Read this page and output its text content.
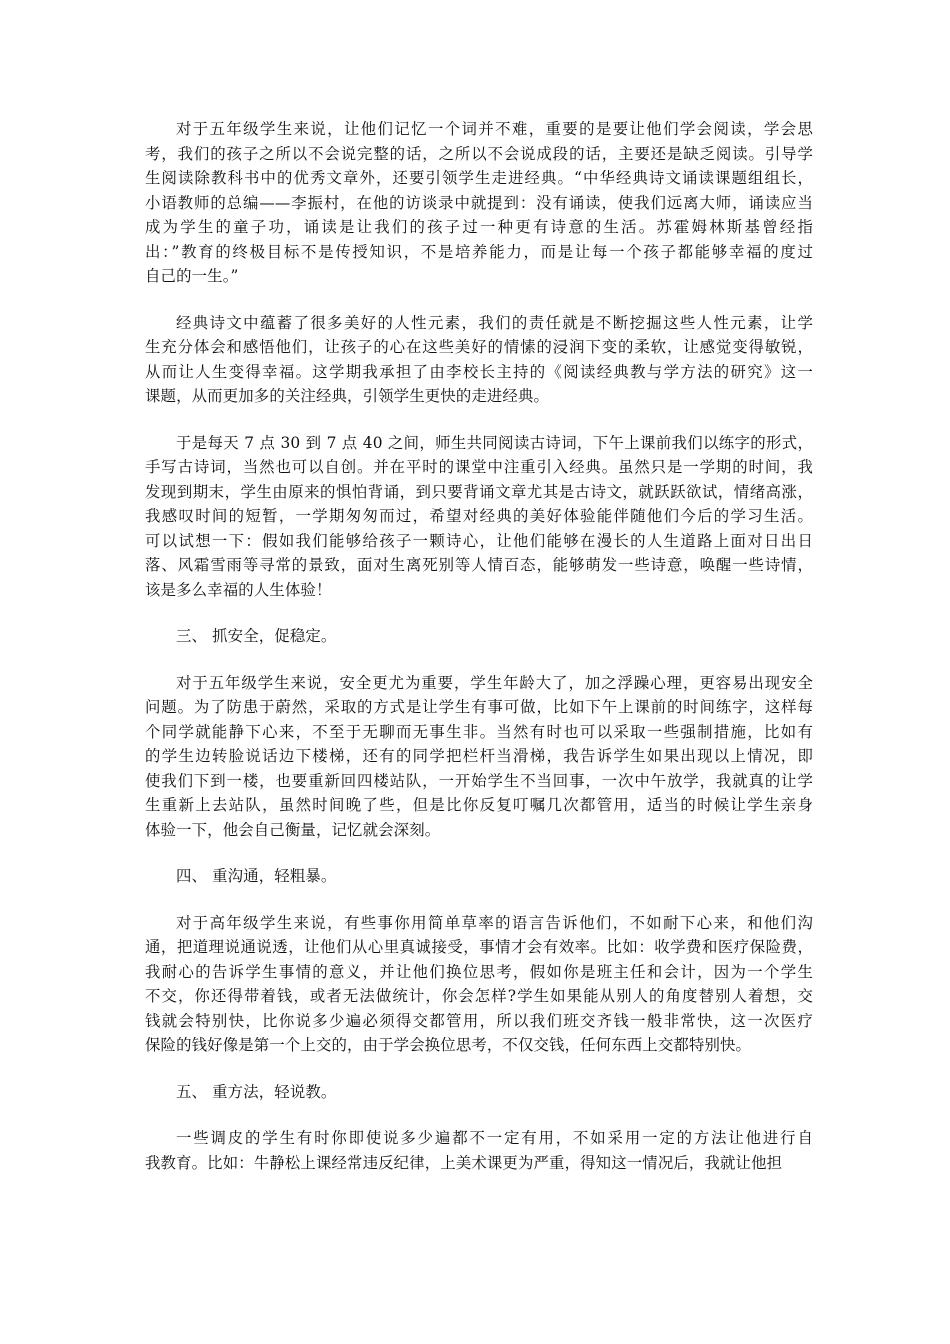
对于五年级学生来说，让他们记忆一个词并不难，重要的是要让他们学会阅读，学会思
考，我们的孩子之所以不会说完整的话，之所以不会说成段的话，主要还是缺乏阅读。引导学
生阅读除教科书中的优秀文章外，还要引领学生走进经典。“中华经典诗文诵读课题组组长，
小语教师的总编——李振村，在他的访谈录中就提到：没有诵读，使我们远离大师，诵读应当
成为学生的童子功，诵读是让我们的孩子过一种更有诗意的生活。苏霍姆林斯基曾经指
出：”教育的终极目标不是传授知识，不是培养能力，而是让每一个孩子都能够幸福的度过
自己的一生。”
经典诗文中蕴蓄了很多美好的人性元素，我们的责任就是不断挖掘这些人性元素，让学
生充分体会和感悟他们，让孩子的心在这些美好的情愫的浸润下变的柔软，让感觉变得敏锐，
从而让人生变得幸福。这学期我承担了由李校长主持的《阅读经典教与学方法的研究》这一
课题，从而更加多的关注经典，引领学生更快的走进经典。
于是每天 7 点 30 到 7 点 40 之间，师生共同阅读古诗词，下午上课前我们以练字的形式，
手写古诗词，当然也可以自创。并在平时的课堂中注重引入经典。虽然只是一学期的时间，我
发现到期末，学生由原来的惧怕背诵，到只要背诵文章尤其是古诗文，就跃跃欲试，情绪高涨，
我感叹时间的短暂，一学期匆匆而过，希望对经典的美好体验能伴随他们今后的学习生活。
可以试想一下：假如我们能够给孩子一颗诗心，让他们能够在漫长的人生道路上面对日出日
落、风霜雪雨等寻常的景致，面对生离死别等人情百态，能够萌发一些诗意，唤醒一些诗情，
该是多么幸福的人生体验！
三、 抓安全，促稳定。
对于五年级学生来说，安全更尤为重要，学生年龄大了，加之浮躁心理，更容易出现安全
问题。为了防患于蔚然，采取的方式是让学生有事可做，比如下午上课前的时间练字，这样每
个同学就能静下心来，不至于无聊而无事生非。当然有时也可以采取一些强制措施，比如有
的学生边转脸说话边下楼梯，还有的同学把栏杆当滑梯，我告诉学生如果出现以上情况，即
使我们下到一楼，也要重新回四楼站队，一开始学生不当回事，一次中午放学，我就真的让学
生重新上去站队，虽然时间晚了些，但是比你反复叮嘱几次都管用，适当的时候让学生亲身
体验一下，他会自己衡量，记忆就会深刻。
四、 重沟通，轻粗暴。
对于高年级学生来说，有些事你用简单草率的语言告诉他们，不如耐下心来，和他们沟
通，把道理说通说透，让他们从心里真诚接受，事情才会有效率。比如：收学费和医疗保险费，
我耐心的告诉学生事情的意义，并让他们换位思考，假如你是班主任和会计，因为一个学生
不交，你还得带着钱，或者无法做统计，你会怎样?学生如果能从别人的角度替别人着想，交
钱就会特别快，比你说多少遍必须得交都管用，所以我们班交齐钱一般非常快，这一次医疗
保险的钱好像是第一个上交的，由于学会换位思考，不仅交钱，任何东西上交都特别快。
五、 重方法，轻说教。
一些调皮的学生有时你即使说多少遍都不一定有用，不如采用一定的方法让他进行自
我教育。比如：牛静松上课经常违反纪律，上美术课更为严重，得知这一情况后，我就让他担
